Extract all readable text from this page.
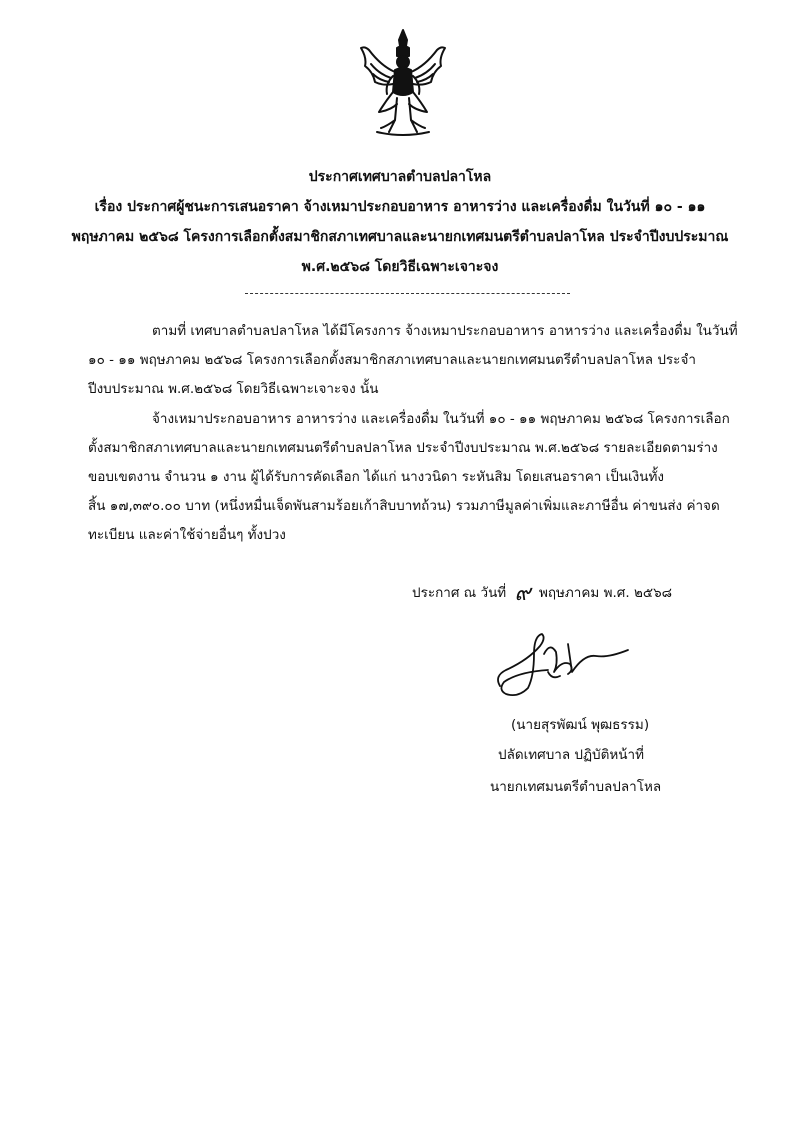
ประกาศเทศบาลตำบลปลาโหล
เรื่อง ประกาศผู้ชนะการเสนอราคา จ้างเหมาประกอบอาหาร อาหารว่าง และเครื่องดื่ม ในวันที่ ๑๐ - ๑๑
พฤษภาคม ๒๕๖๘ โครงการเลือกตั้งสมาชิกสภาเทศบาลและนายกเทศมนตรีตำบลปลาโหล ประจำปีงบประมาณ
พ.ศ.๒๕๖๘ โดยวิธีเฉพาะเจาะจง
ตามที่ เทศบาลตำบลปลาโหล ได้มีโครงการ จ้างเหมาประกอบอาหาร อาหารว่าง และเครื่องดื่ม ในวันที่
๑๐ - ๑๑ พฤษภาคม ๒๕๖๘ โครงการเลือกตั้งสมาชิกสภาเทศบาลและนายกเทศมนตรีตำบลปลาโหล ประจำ
ปีงบประมาณ พ.ศ.๒๕๖๘ โดยวิธีเฉพาะเจาะจง นั้น
จ้างเหมาประกอบอาหาร อาหารว่าง และเครื่องดื่ม ในวันที่ ๑๐ - ๑๑ พฤษภาคม ๒๕๖๘ โครงการเลือก
ตั้งสมาชิกสภาเทศบาลและนายกเทศมนตรีตำบลปลาโหล ประจำปีงบประมาณ พ.ศ.๒๕๖๘ รายละเอียดตามร่าง
ขอบเขตงาน จำนวน ๑ งาน ผู้ได้รับการคัดเลือก ได้แก่ นางวนิดา ระหันสิม โดยเสนอราคา เป็นเงินทั้ง
สิ้น ๑๗,๓๙๐.๐๐ บาท (หนึ่งหมื่นเจ็ดพันสามร้อยเก้าสิบบาทถ้วน) รวมภาษีมูลค่าเพิ่มและภาษีอื่น ค่าขนส่ง ค่าจด
ทะเบียน และค่าใช้จ่ายอื่นๆ ทั้งปวง
ประกาศ ณ วันที่ ๙ พฤษภาคม พ.ศ. ๒๕๖๘
(นายสุรพัฒน์ พุฒธรรม)
ปลัดเทศบาล ปฏิบัติหน้าที่
นายกเทศมนตรีตำบลปลาโหล
